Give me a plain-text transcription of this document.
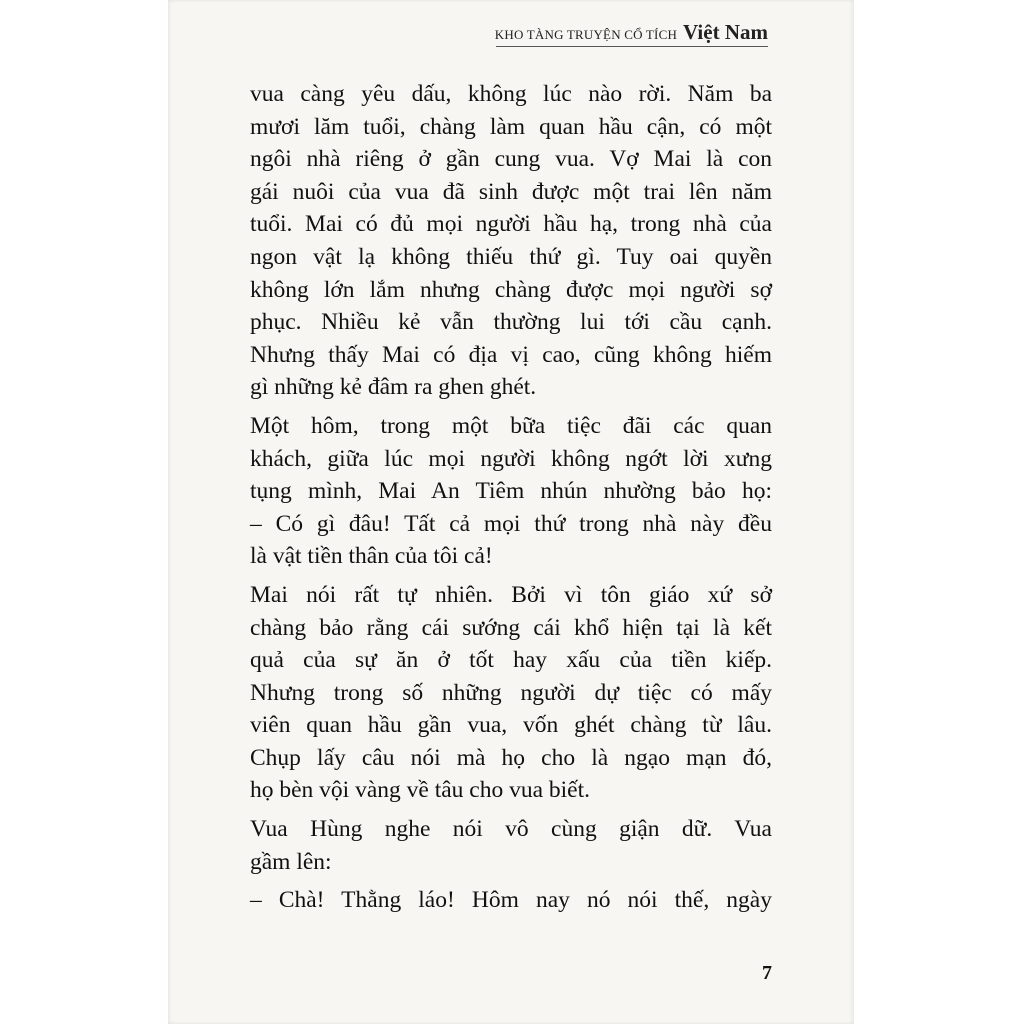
KHO TÀNG TRUYỆN CỔ TÍCH Việt Nam
vua càng yêu dấu, không lúc nào rời. Năm ba
mươi lăm tuổi, chàng làm quan hầu cận, có một
ngôi nhà riêng ở gần cung vua. Vợ Mai là con
gái nuôi của vua đã sinh được một trai lên năm
tuổi. Mai có đủ mọi người hầu hạ, trong nhà của
ngon vật lạ không thiếu thứ gì. Tuy oai quyền
không lớn lắm nhưng chàng được mọi người sợ
phục. Nhiều kẻ vẫn thường lui tới cầu cạnh.
Nhưng thấy Mai có địa vị cao, cũng không hiếm
gì những kẻ đâm ra ghen ghét.
Một hôm, trong một bữa tiệc đãi các quan
khách, giữa lúc mọi người không ngớt lời xưng
tụng mình, Mai An Tiêm nhún nhường bảo họ:
– Có gì đâu! Tất cả mọi thứ trong nhà này đều
là vật tiền thân của tôi cả!
Mai nói rất tự nhiên. Bởi vì tôn giáo xứ sở
chàng bảo rằng cái sướng cái khổ hiện tại là kết
quả của sự ăn ở tốt hay xấu của tiền kiếp.
Nhưng trong số những người dự tiệc có mấy
viên quan hầu gần vua, vốn ghét chàng từ lâu.
Chụp lấy câu nói mà họ cho là ngạo mạn đó,
họ bèn vội vàng về tâu cho vua biết.
Vua Hùng nghe nói vô cùng giận dữ. Vua
gầm lên:
– Chà! Thằng láo! Hôm nay nó nói thế, ngày
7
